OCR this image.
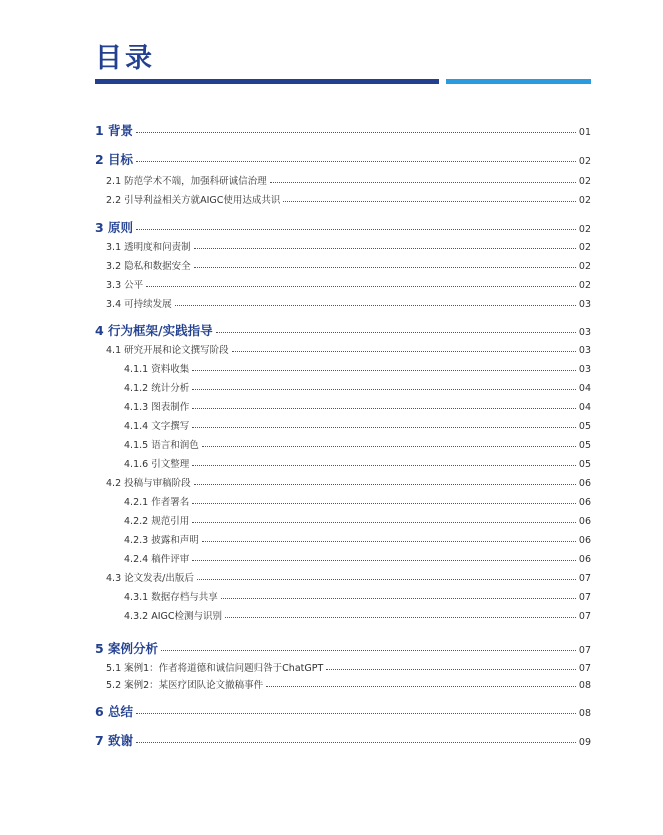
目录
1 背景	01
2 目标	02
2.1 防范学术不端，加强科研诚信治理	02
2.2 引导利益相关方就AIGC使用达成共识	02
3 原则	02
3.1 透明度和问责制	02
3.2 隐私和数据安全	02
3.3 公平	02
3.4 可持续发展	03
4 行为框架/实践指导	03
4.1 研究开展和论文撰写阶段	03
4.1.1 资料收集	03
4.1.2 统计分析	04
4.1.3 图表制作	04
4.1.4 文字撰写	05
4.1.5 语言和润色	05
4.1.6 引文整理	05
4.2 投稿与审稿阶段	06
4.2.1 作者署名	06
4.2.2 规范引用	06
4.2.3 披露和声明	06
4.2.4 稿件评审	06
4.3 论文发表/出版后	07
4.3.1 数据存档与共享	07
4.3.2 AIGC检测与识别	07
5 案例分析	07
5.1 案例1：作者将道德和诚信问题归咎于ChatGPT	07
5.2 案例2：某医疗团队论文撤稿事件	08
6 总结	08
7 致谢	09
